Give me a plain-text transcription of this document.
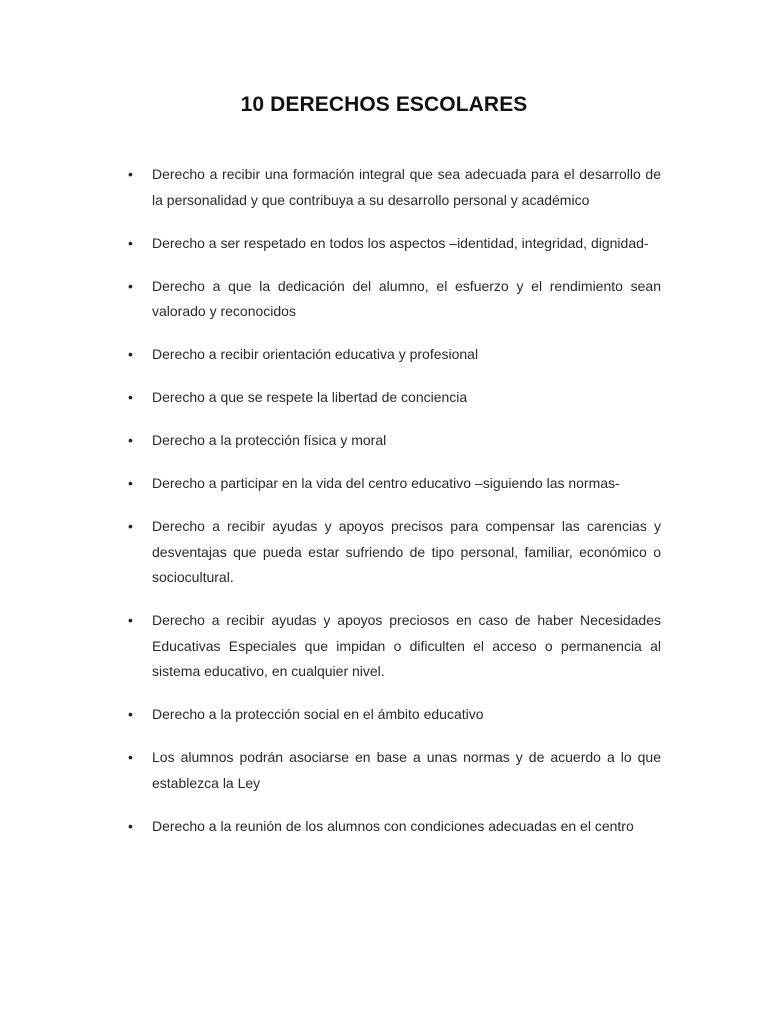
10 DERECHOS ESCOLARES
• Derecho a recibir una formación integral que sea adecuada para el desarrollo de la personalidad y que contribuya a su desarrollo personal y académico
• Derecho a ser respetado en todos los aspectos –identidad, integridad, dignidad-
• Derecho a que la dedicación del alumno, el esfuerzo y el rendimiento sean valorado y reconocidos
• Derecho a recibir orientación educativa y profesional
• Derecho a que se respete la libertad de conciencia
• Derecho a la protección física y moral
• Derecho a participar en la vida del centro educativo –siguiendo las normas-
• Derecho a recibir ayudas y apoyos precisos para compensar las carencias y desventajas que pueda estar sufriendo de tipo personal, familiar, económico o sociocultural.
• Derecho a recibir ayudas y apoyos preciosos en caso de haber Necesidades Educativas Especiales que impidan o dificulten el acceso o permanencia al sistema educativo, en cualquier nivel.
• Derecho a la protección social en el ámbito educativo
• Los alumnos podrán asociarse en base a unas normas y de acuerdo a lo que establezca la Ley
• Derecho a la reunión de los alumnos con condiciones adecuadas en el centro
